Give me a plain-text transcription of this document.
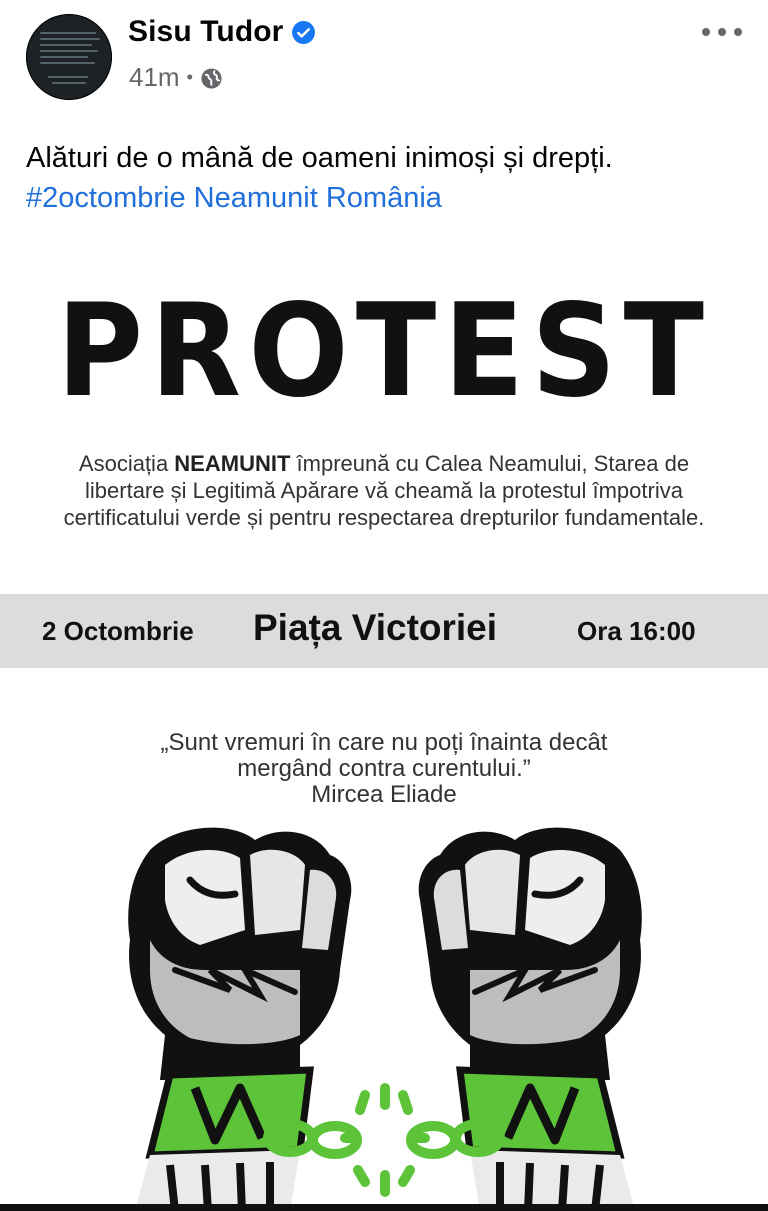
Sisu Tudor
41m •
Alături de o mână de oameni inimoși și drepți.
#2octombrie Neamunit România
PROTEST
Asociația NEAMUNIT împreună cu Calea Neamului, Starea de libertare și Legitimă Apărare vă cheamă la protestul împotriva certificatului verde și pentru respectarea drepturilor fundamentale.
2 Octombrie Piața Victoriei	Ora 16:00
„Sunt vremuri în care nu poți înainta decât
mergând contra curentului.”
Mircea Eliade
